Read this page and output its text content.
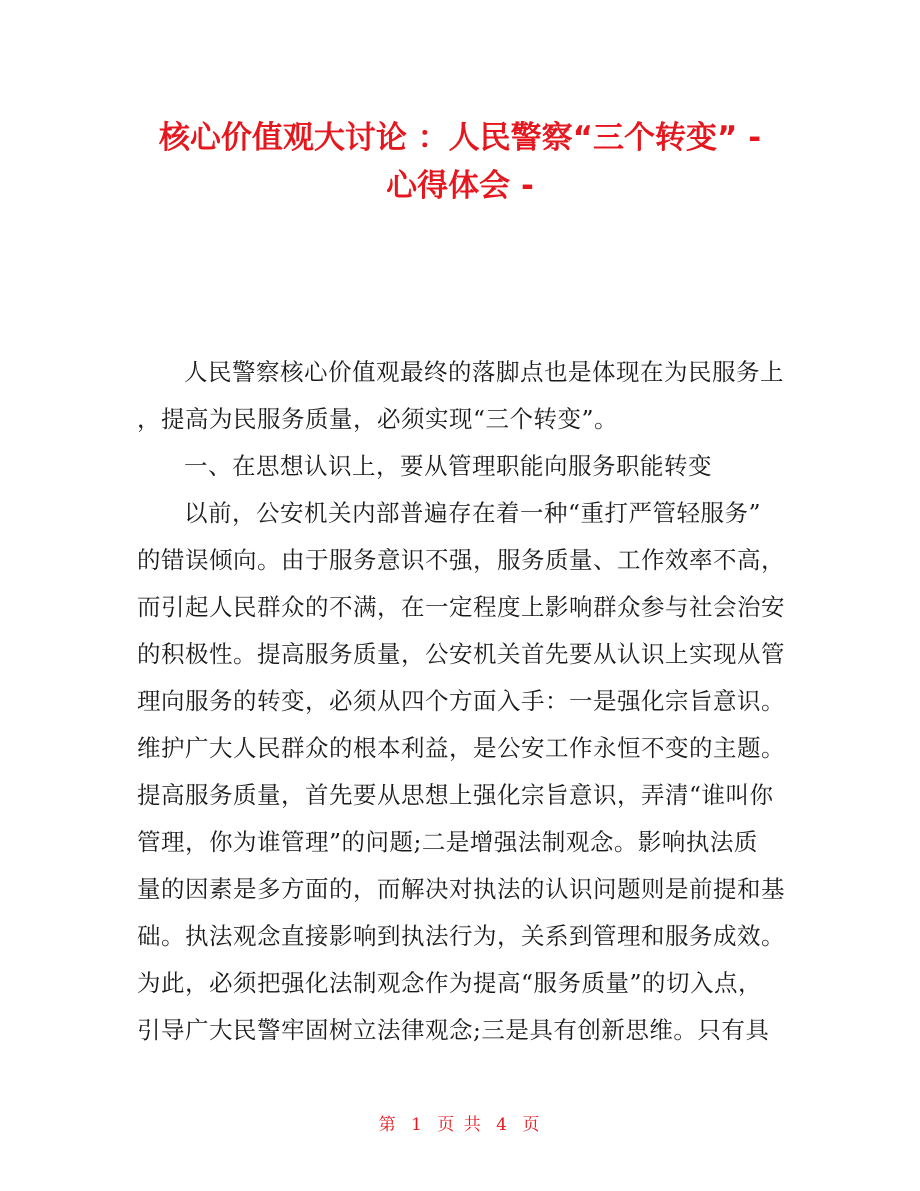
核心价值观大讨论 ：人民警察“三个转变” -
心得体会 -
人民警察核心价值观最终的落脚点也是体现在为民服务上
，提高为民服务质量，必须实现“三个转变”。
一、在思想认识上，要从管理职能向服务职能转变
以前，公安机关内部普遍存在着一种“重打严管轻服务”
的错误倾向。由于服务意识不强，服务质量、工作效率不高，
而引起人民群众的不满，在一定程度上影响群众参与社会治安
的积极性。提高服务质量，公安机关首先要从认识上实现从管
理向服务的转变，必须从四个方面入手：一是强化宗旨意识。
维护广大人民群众的根本利益，是公安工作永恒不变的主题。
提高服务质量，首先要从思想上强化宗旨意识，弄清“谁叫你
管理，你为谁管理”的问题;二是增强法制观念。影响执法质
量的因素是多方面的，而解决对执法的认识问题则是前提和基
础。执法观念直接影响到执法行为，关系到管理和服务成效。
为此，必须把强化法制观念作为提高“服务质量”的切入点，
引导广大民警牢固树立法律观念;三是具有创新思维。只有具
第 1 页 共 4 页
